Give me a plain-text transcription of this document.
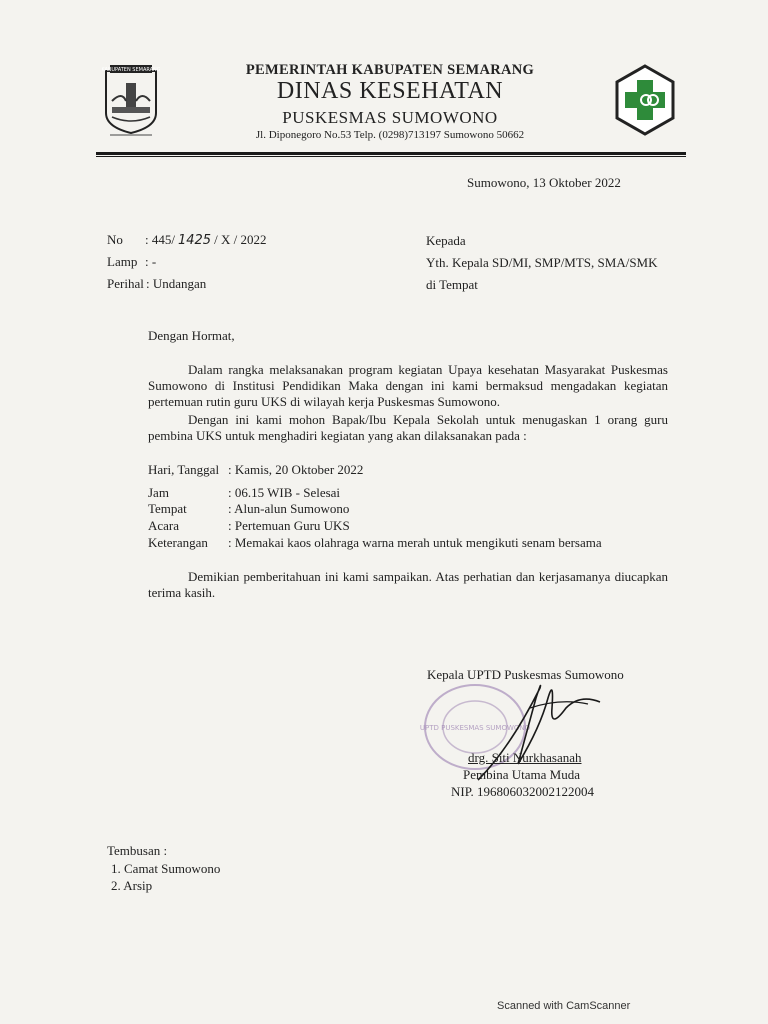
KABUPATEN SEMARANG	PEMERINTAH KABUPATEN SEMARANG
DINAS KESEHATAN
PUSKESMAS SUMOWONO
Jl. Diponegoro No.53 Telp. (0298)713197 Sumowono 50662
Sumowono, 13 Oktober 2022
No : 445/ 1425 / X / 2022
Lamp : -
Perihal : Undangan
Kepada
Yth. Kepala SD/MI, SMP/MTS, SMA/SMK
di Tempat
Dengan Hormat,
Dalam rangka melaksanakan program kegiatan Upaya kesehatan Masyarakat Puskesmas Sumowono di Institusi Pendidikan Maka dengan ini kami bermaksud mengadakan kegiatan pertemuan rutin guru UKS di wilayah kerja Puskesmas Sumowono.
Dengan ini kami mohon Bapak/Ibu Kepala Sekolah untuk menugaskan 1 orang guru pembina UKS untuk menghadiri kegiatan yang akan dilaksanakan pada :
Hari, Tanggal : Kamis, 20 Oktober 2022
Jam	: 06.15 WIB - Selesai
Tempat	: Alun-alun Sumowono
Acara	: Pertemuan Guru UKS
Keterangan : Memakai kaos olahraga warna merah untuk mengikuti senam bersama
Demikian pemberitahuan ini kami sampaikan. Atas perhatian dan kerjasamanya diucapkan terima kasih.
UPTD PUSKESMAS SUMOWONO
Kepala UPTD Puskesmas Sumowono
drg. Siti Nurkhasanah
Pembina Utama Muda
NIP. 196806032002122004
Tembusan :
1. Camat Sumowono
2. Arsip
Scanned with CamScanner
